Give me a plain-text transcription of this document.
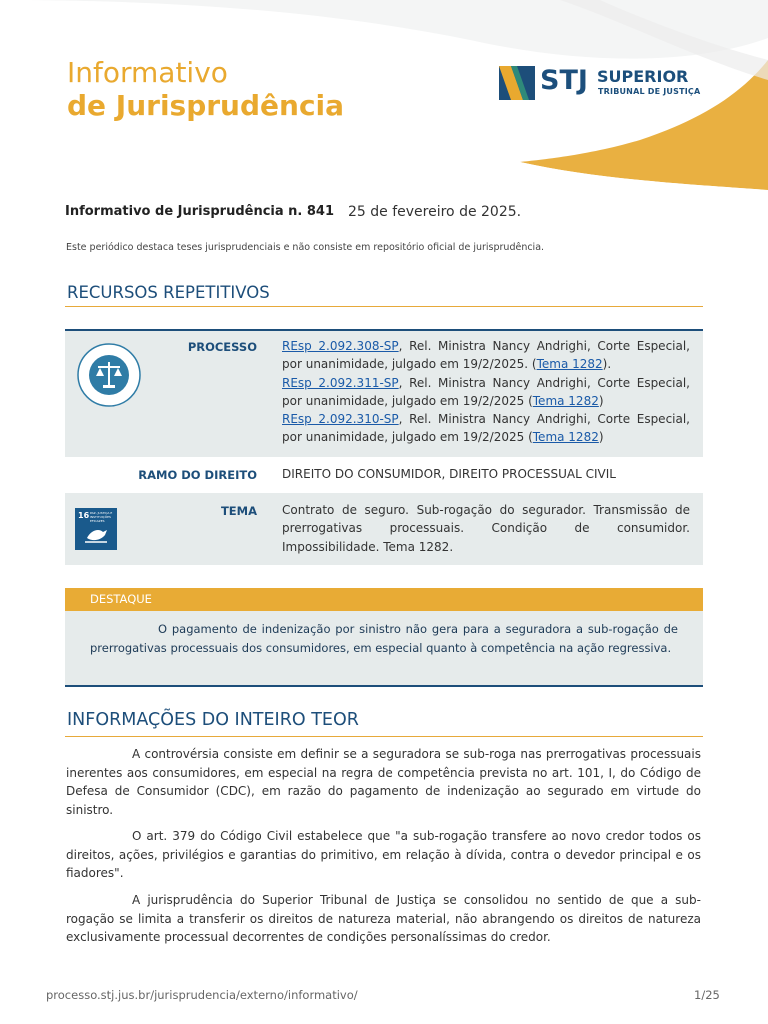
Informativo
de Jurisprudência
STJ SUPERIOR
TRIBUNAL DE JUSTIÇA
Informativo de Jurisprudência n. 841 25 de fevereiro de 2025.
Este periódico destaca teses jurisprudenciais e não consiste em repositório oficial de jurisprudência.
RECURSOS REPETITIVOS
PROCESSO REsp 2.092.308-SP, Rel. Ministra Nancy Andrighi, Corte Especial, por unanimidade, julgado em 19/2/2025. (Tema 1282).
REsp 2.092.311-SP, Rel. Ministra Nancy Andrighi, Corte Especial, por unanimidade, julgado em 19/2/2025 (Tema 1282)
REsp 2.092.310-SP, Rel. Ministra Nancy Andrighi, Corte Especial, por unanimidade, julgado em 19/2/2025 (Tema 1282)
RAMO DO DIREITO DIREITO DO CONSUMIDOR, DIREITO PROCESSUAL CIVIL
16 PAZ, JUSTIÇA E
INSTITUIÇÕES
EFICAZES
TEMA Contrato de seguro. Sub-rogação do segurador. Transmissão de prerrogativas processuais. Condição de consumidor. Impossibilidade. Tema 1282.
DESTAQUE
O pagamento de indenização por sinistro não gera para a seguradora a sub-rogação de prerrogativas processuais dos consumidores, em especial quanto à competência na ação regressiva.
INFORMAÇÕES DO INTEIRO TEOR
A controvérsia consiste em definir se a seguradora se sub-roga nas prerrogativas processuais inerentes aos consumidores, em especial na regra de competência prevista no art. 101, I, do Código de Defesa de Consumidor (CDC), em razão do pagamento de indenização ao segurado em virtude do sinistro.
O art. 379 do Código Civil estabelece que "a sub-rogação transfere ao novo credor todos os direitos, ações, privilégios e garantias do primitivo, em relação à dívida, contra o devedor principal e os fiadores".
A jurisprudência do Superior Tribunal de Justiça se consolidou no sentido de que a sub-rogação se limita a transferir os direitos de natureza material, não abrangendo os direitos de natureza exclusivamente processual decorrentes de condições personalíssimas do credor.
processo.stj.jus.br/jurisprudencia/externo/informativo/	1/25
